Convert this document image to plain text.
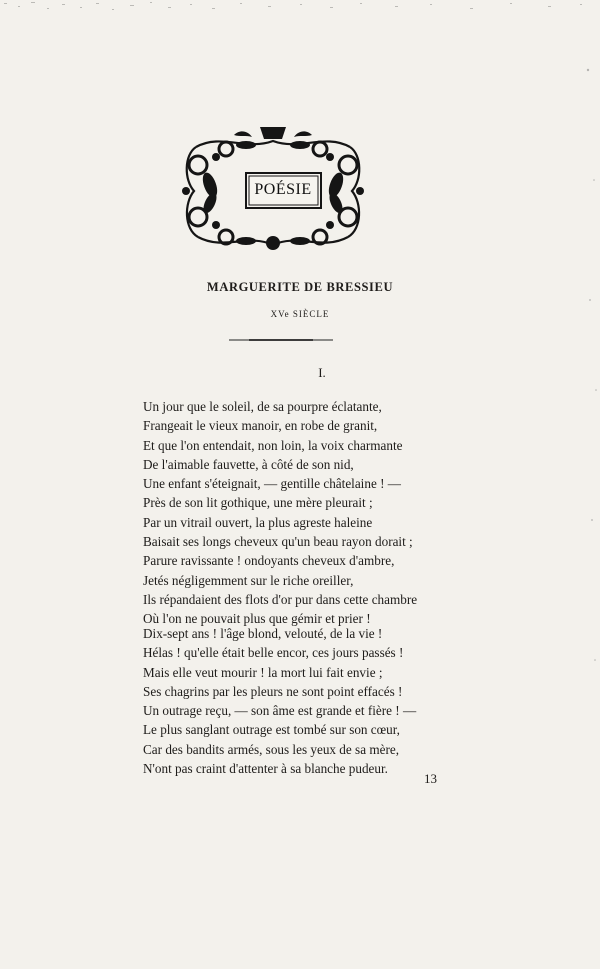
POÉSIE
MARGUERITE DE BRESSIEU
XVe SIÈCLE
I.
Un jour que le soleil, de sa pourpre éclatante,
Frangeait le vieux manoir, en robe de granit,
Et que l'on entendait, non loin, la voix charmante
De l'aimable fauvette, à côté de son nid,
Une enfant s'éteignait, — gentille châtelaine ! —
Près de son lit gothique, une mère pleurait ;
Par un vitrail ouvert, la plus agreste haleine
Baisait ses longs cheveux qu'un beau rayon dorait ;
Parure ravissante ! ondoyants cheveux d'ambre,
Jetés négligemment sur le riche oreiller,
Ils répandaient des flots d'or pur dans cette chambre
Où l'on ne pouvait plus que gémir et prier !
Dix-sept ans ! l'âge blond, velouté, de la vie !
Hélas ! qu'elle était belle encor, ces jours passés !
Mais elle veut mourir ! la mort lui fait envie ;
Ses chagrins par les pleurs ne sont point effacés !
Un outrage reçu, — son âme est grande et fière ! —
Le plus sanglant outrage est tombé sur son cœur,
Car des bandits armés, sous les yeux de sa mère,
N'ont pas craint d'attenter à sa blanche pudeur.
13
